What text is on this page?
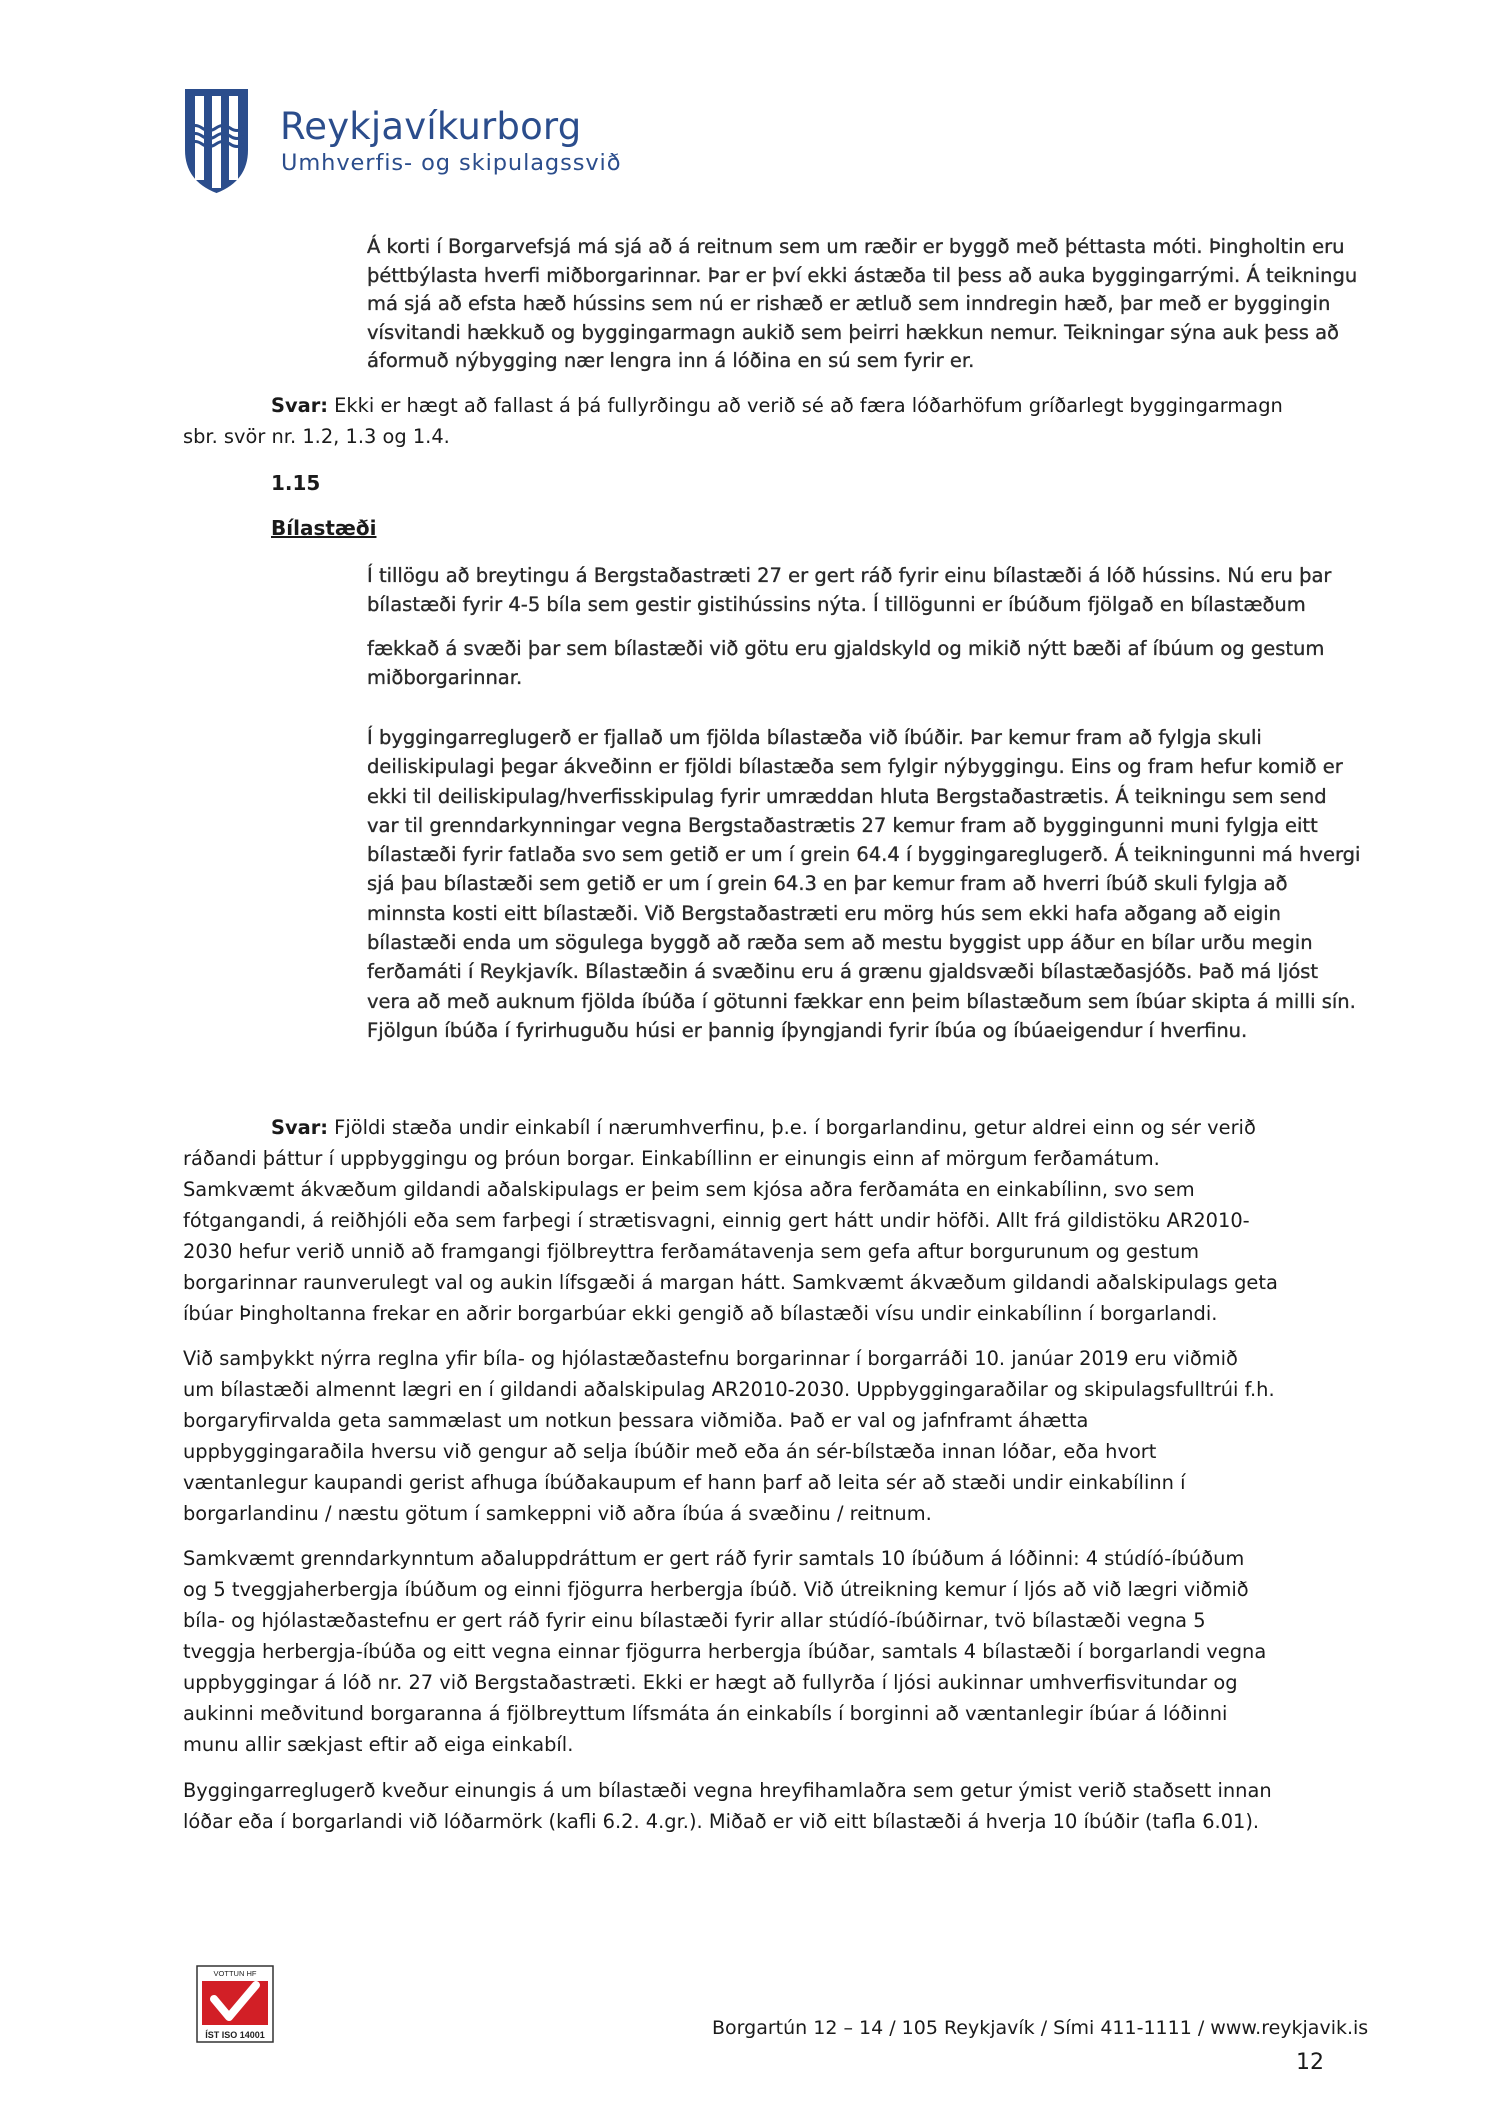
Reykjavíkurborg
Umhverfis- og skipulagssvið
Á korti í Borgarvefsjá má sjá að á reitnum sem um ræðir er byggð með þéttasta móti. Þingholtin eru
þéttbýlasta hverfi miðborgarinnar. Þar er því ekki ástæða til þess að auka byggingarrými. Á teikningu
má sjá að efsta hæð hússins sem nú er rishæð er ætluð sem inndregin hæð, þar með er byggingin
vísvitandi hækkuð og byggingarmagn aukið sem þeirri hækkun nemur. Teikningar sýna auk þess að
áformuð nýbygging nær lengra inn á lóðina en sú sem fyrir er.
Svar: Ekki er hægt að fallast á þá fullyrðingu að verið sé að færa lóðarhöfum gríðarlegt byggingarmagn
sbr. svör nr. 1.2, 1.3 og 1.4.
1.15
Bílastæði
Í tillögu að breytingu á Bergstaðastræti 27 er gert ráð fyrir einu bílastæði á lóð hússins. Nú eru þar
bílastæði fyrir 4-5 bíla sem gestir gistihússins nýta. Í tillögunni er íbúðum fjölgað en bílastæðum
fækkað á svæði þar sem bílastæði við götu eru gjaldskyld og mikið nýtt bæði af íbúum og gestum
miðborgarinnar.
Í byggingarreglugerð er fjallað um fjölda bílastæða við íbúðir. Þar kemur fram að fylgja skuli
deiliskipulagi þegar ákveðinn er fjöldi bílastæða sem fylgir nýbyggingu. Eins og fram hefur komið er
ekki til deiliskipulag/hverfisskipulag fyrir umræddan hluta Bergstaðastrætis. Á teikningu sem send
var til grenndarkynningar vegna Bergstaðastrætis 27 kemur fram að byggingunni muni fylgja eitt
bílastæði fyrir fatlaða svo sem getið er um í grein 64.4 í byggingareglugerð. Á teikningunni má hvergi
sjá þau bílastæði sem getið er um í grein 64.3 en þar kemur fram að hverri íbúð skuli fylgja að
minnsta kosti eitt bílastæði. Við Bergstaðastræti eru mörg hús sem ekki hafa aðgang að eigin
bílastæði enda um sögulega byggð að ræða sem að mestu byggist upp áður en bílar urðu megin
ferðamáti í Reykjavík. Bílastæðin á svæðinu eru á grænu gjaldsvæði bílastæðasjóðs. Það má ljóst
vera að með auknum fjölda íbúða í götunni fækkar enn þeim bílastæðum sem íbúar skipta á milli sín.
Fjölgun íbúða í fyrirhuguðu húsi er þannig íþyngjandi fyrir íbúa og íbúaeigendur í hverfinu.
Svar: Fjöldi stæða undir einkabíl í nærumhverfinu, þ.e. í borgarlandinu, getur aldrei einn og sér verið
ráðandi þáttur í uppbyggingu og þróun borgar. Einkabíllinn er einungis einn af mörgum ferðamátum.
Samkvæmt ákvæðum gildandi aðalskipulags er þeim sem kjósa aðra ferðamáta en einkabílinn, svo sem
fótgangandi, á reiðhjóli eða sem farþegi í strætisvagni, einnig gert hátt undir höfði. Allt frá gildistöku AR2010-
2030 hefur verið unnið að framgangi fjölbreyttra ferðamátavenja sem gefa aftur borgurunum og gestum
borgarinnar raunverulegt val og aukin lífsgæði á margan hátt. Samkvæmt ákvæðum gildandi aðalskipulags geta
íbúar Þingholtanna frekar en aðrir borgarbúar ekki gengið að bílastæði vísu undir einkabílinn í borgarlandi.
Við samþykkt nýrra reglna yfir bíla- og hjólastæðastefnu borgarinnar í borgarráði 10. janúar 2019 eru viðmið
um bílastæði almennt lægri en í gildandi aðalskipulag AR2010-2030. Uppbyggingaraðilar og skipulagsfulltrúi f.h.
borgaryfirvalda geta sammælast um notkun þessara viðmiða. Það er val og jafnframt áhætta
uppbyggingaraðila hversu við gengur að selja íbúðir með eða án sér-bílstæða innan lóðar, eða hvort
væntanlegur kaupandi gerist afhuga íbúðakaupum ef hann þarf að leita sér að stæði undir einkabílinn í
borgarlandinu / næstu götum í samkeppni við aðra íbúa á svæðinu / reitnum.
Samkvæmt grenndarkynntum aðaluppdráttum er gert ráð fyrir samtals 10 íbúðum á lóðinni: 4 stúdíó-íbúðum
og 5 tveggjaherbergja íbúðum og einni fjögurra herbergja íbúð. Við útreikning kemur í ljós að við lægri viðmið
bíla- og hjólastæðastefnu er gert ráð fyrir einu bílastæði fyrir allar stúdíó-íbúðirnar, tvö bílastæði vegna 5
tveggja herbergja-íbúða og eitt vegna einnar fjögurra herbergja íbúðar, samtals 4 bílastæði í borgarlandi vegna
uppbyggingar á lóð nr. 27 við Bergstaðastræti. Ekki er hægt að fullyrða í ljósi aukinnar umhverfisvitundar og
aukinni meðvitund borgaranna á fjölbreyttum lífsmáta án einkabíls í borginni að væntanlegir íbúar á lóðinni
munu allir sækjast eftir að eiga einkabíl.
Byggingarreglugerð kveður einungis á um bílastæði vegna hreyfihamlaðra sem getur ýmist verið staðsett innan
lóðar eða í borgarlandi við lóðarmörk (kafli 6.2. 4.gr.). Miðað er við eitt bílastæði á hverja 10 íbúðir (tafla 6.01).
VOTTUN HF
ÍST ISO 14001	Borgartún 12 – 14 / 105 Reykjavík / Sími 411-1111 / www.reykjavik.is
12
